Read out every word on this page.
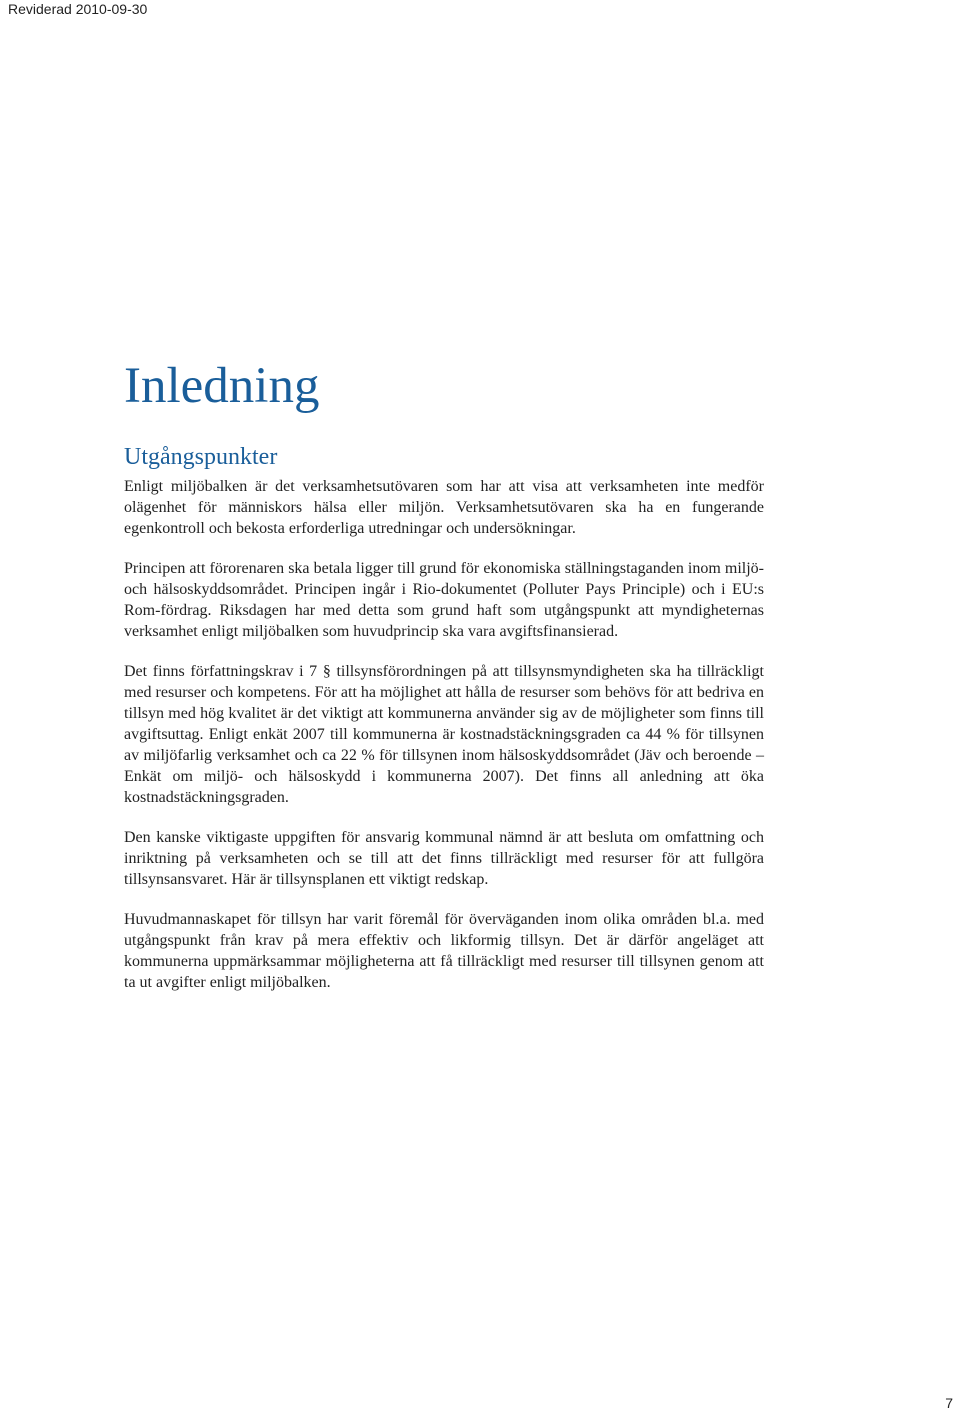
Reviderad 2010-09-30
Inledning
Utgångspunkter

Enligt miljöbalken är det verksamhetsutövaren som har att visa att verksamheten inte medför olägenhet för människors hälsa eller miljön. Verksamhetsutövaren ska ha en fungerande egenkontroll och bekosta erforderliga utredningar och undersökningar.

Principen att förorenaren ska betala ligger till grund för ekonomiska ställningstaganden inom miljö- och hälsoskyddsområdet. Principen ingår i Rio-dokumentet (Polluter Pays Principle) och i EU:s Rom-fördrag. Riksdagen har med detta som grund haft som utgångspunkt att myndigheternas verksamhet enligt miljöbalken som huvudprincip ska vara avgiftsfinansierad.

Det finns författningskrav i 7 § tillsynsförordningen på att tillsynsmyndigheten ska ha tillräckligt med resurser och kompetens. För att ha möjlighet att hålla de resurser som behövs för att bedriva en tillsyn med hög kvalitet är det viktigt att kommunerna använder sig av de möjligheter som finns till avgiftsuttag. Enligt enkät 2007 till kommunerna är kostnadstäckningsgraden ca 44 % för tillsynen av miljöfarlig verksamhet och ca 22 % för tillsynen inom hälsoskyddsområdet (Jäv och beroende – Enkät om miljö- och hälsoskydd i kommunerna 2007). Det finns all anledning att öka kostnadstäckningsgraden.

Den kanske viktigaste uppgiften för ansvarig kommunal nämnd är att besluta om omfattning och inriktning på verksamheten och se till att det finns tillräckligt med resurser för att fullgöra tillsynsansvaret. Här är tillsynsplanen ett viktigt redskap.

Huvudmannaskapet för tillsyn har varit föremål för överväganden inom olika områden bl.a. med utgångspunkt från krav på mera effektiv och likformig tillsyn. Det är därför angeläget att kommunerna uppmärksammar möjligheterna att få tillräckligt med resurser till tillsynen genom att ta ut avgifter enligt miljöbalken.

7
